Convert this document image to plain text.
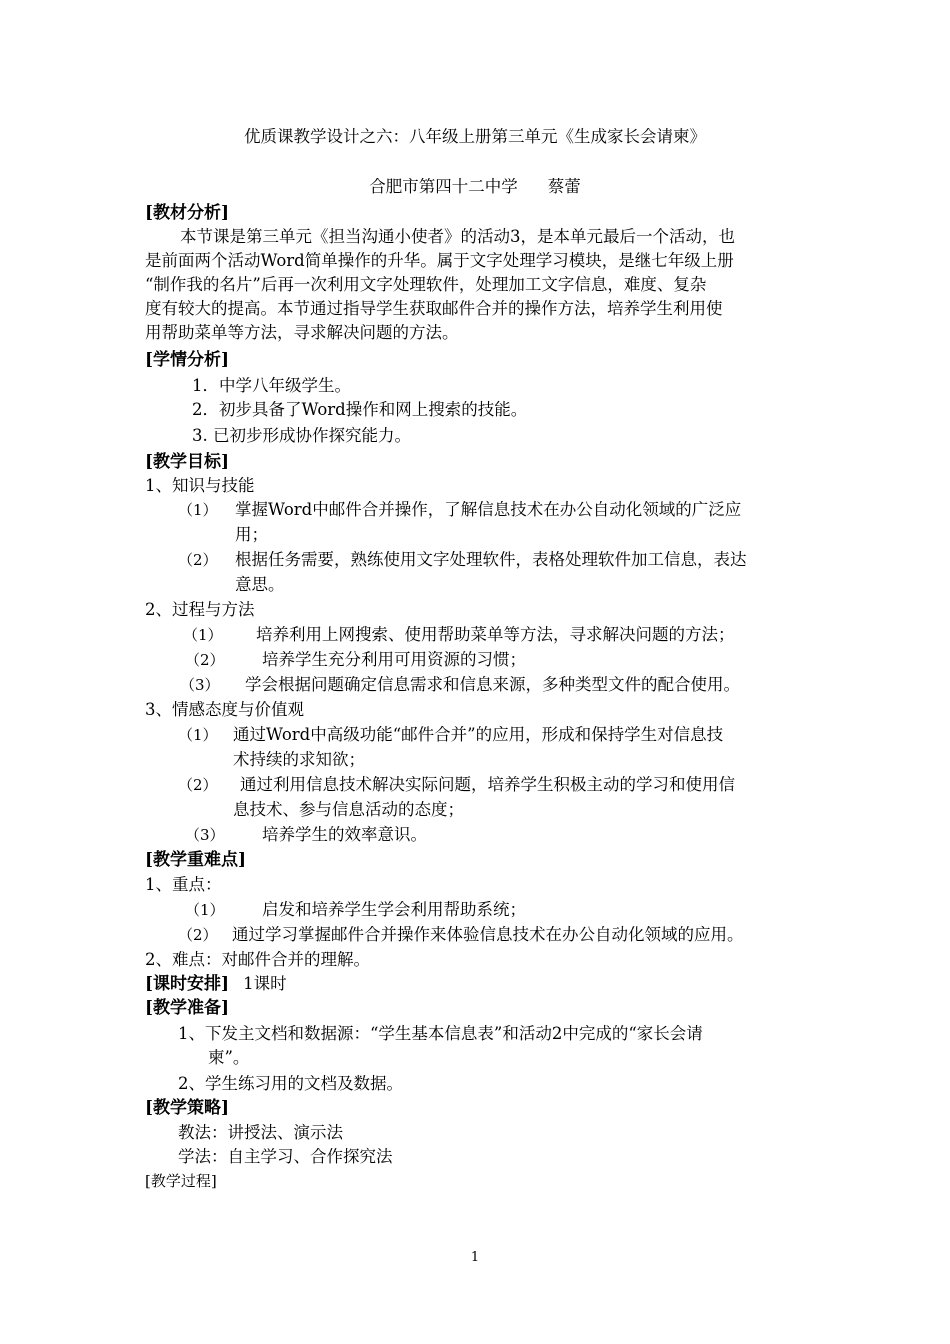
优质课教学设计之六：八年级上册第三单元《生成家长会请柬》
合肥市第四十二中学 蔡蕾
[教材分析]
本节课是第三单元《担当沟通小使者》的活动3，是本单元最后一个活动，也
是前面两个活动Word简单操作的升华。属于文字处理学习模块，是继七年级上册
“制作我的名片”后再一次利用文字处理软件，处理加工文字信息，难度、复杂
度有较大的提高。本节通过指导学生获取邮件合并的操作方法，培养学生利用使
用帮助菜单等方法，寻求解决问题的方法。
[学情分析]
1．中学八年级学生。
2．初步具备了Word操作和网上搜索的技能。
3. 已初步形成协作探究能力。
[教学目标]
1、知识与技能
（1） 掌握Word中邮件合并操作，了解信息技术在办公自动化领域的广泛应
用；
（2） 根据任务需要，熟练使用文字处理软件，表格处理软件加工信息，表达
意思。
2、过程与方法
（1） 培养利用上网搜索、使用帮助菜单等方法，寻求解决问题的方法；
（2） 培养学生充分利用可用资源的习惯；
（3） 学会根据问题确定信息需求和信息来源，多种类型文件的配合使用。
3、情感态度与价值观
（1） 通过Word中高级功能“邮件合并”的应用，形成和保持学生对信息技
术持续的求知欲；
（2） 通过利用信息技术解决实际问题，培养学生积极主动的学习和使用信
息技术、参与信息活动的态度；
（3） 培养学生的效率意识。
[教学重难点]
1、重点：
（1） 启发和培养学生学会利用帮助系统；
（2） 通过学习掌握邮件合并操作来体验信息技术在办公自动化领域的应用。
2、难点：对邮件合并的理解。
[课时安排] 1课时
[教学准备]
1、下发主文档和数据源：“学生基本信息表”和活动2中完成的“家长会请
柬”。
2、学生练习用的文档及数据。
[教学策略]
教法：讲授法、演示法
学法：自主学习、合作探究法
[教学过程]
1
